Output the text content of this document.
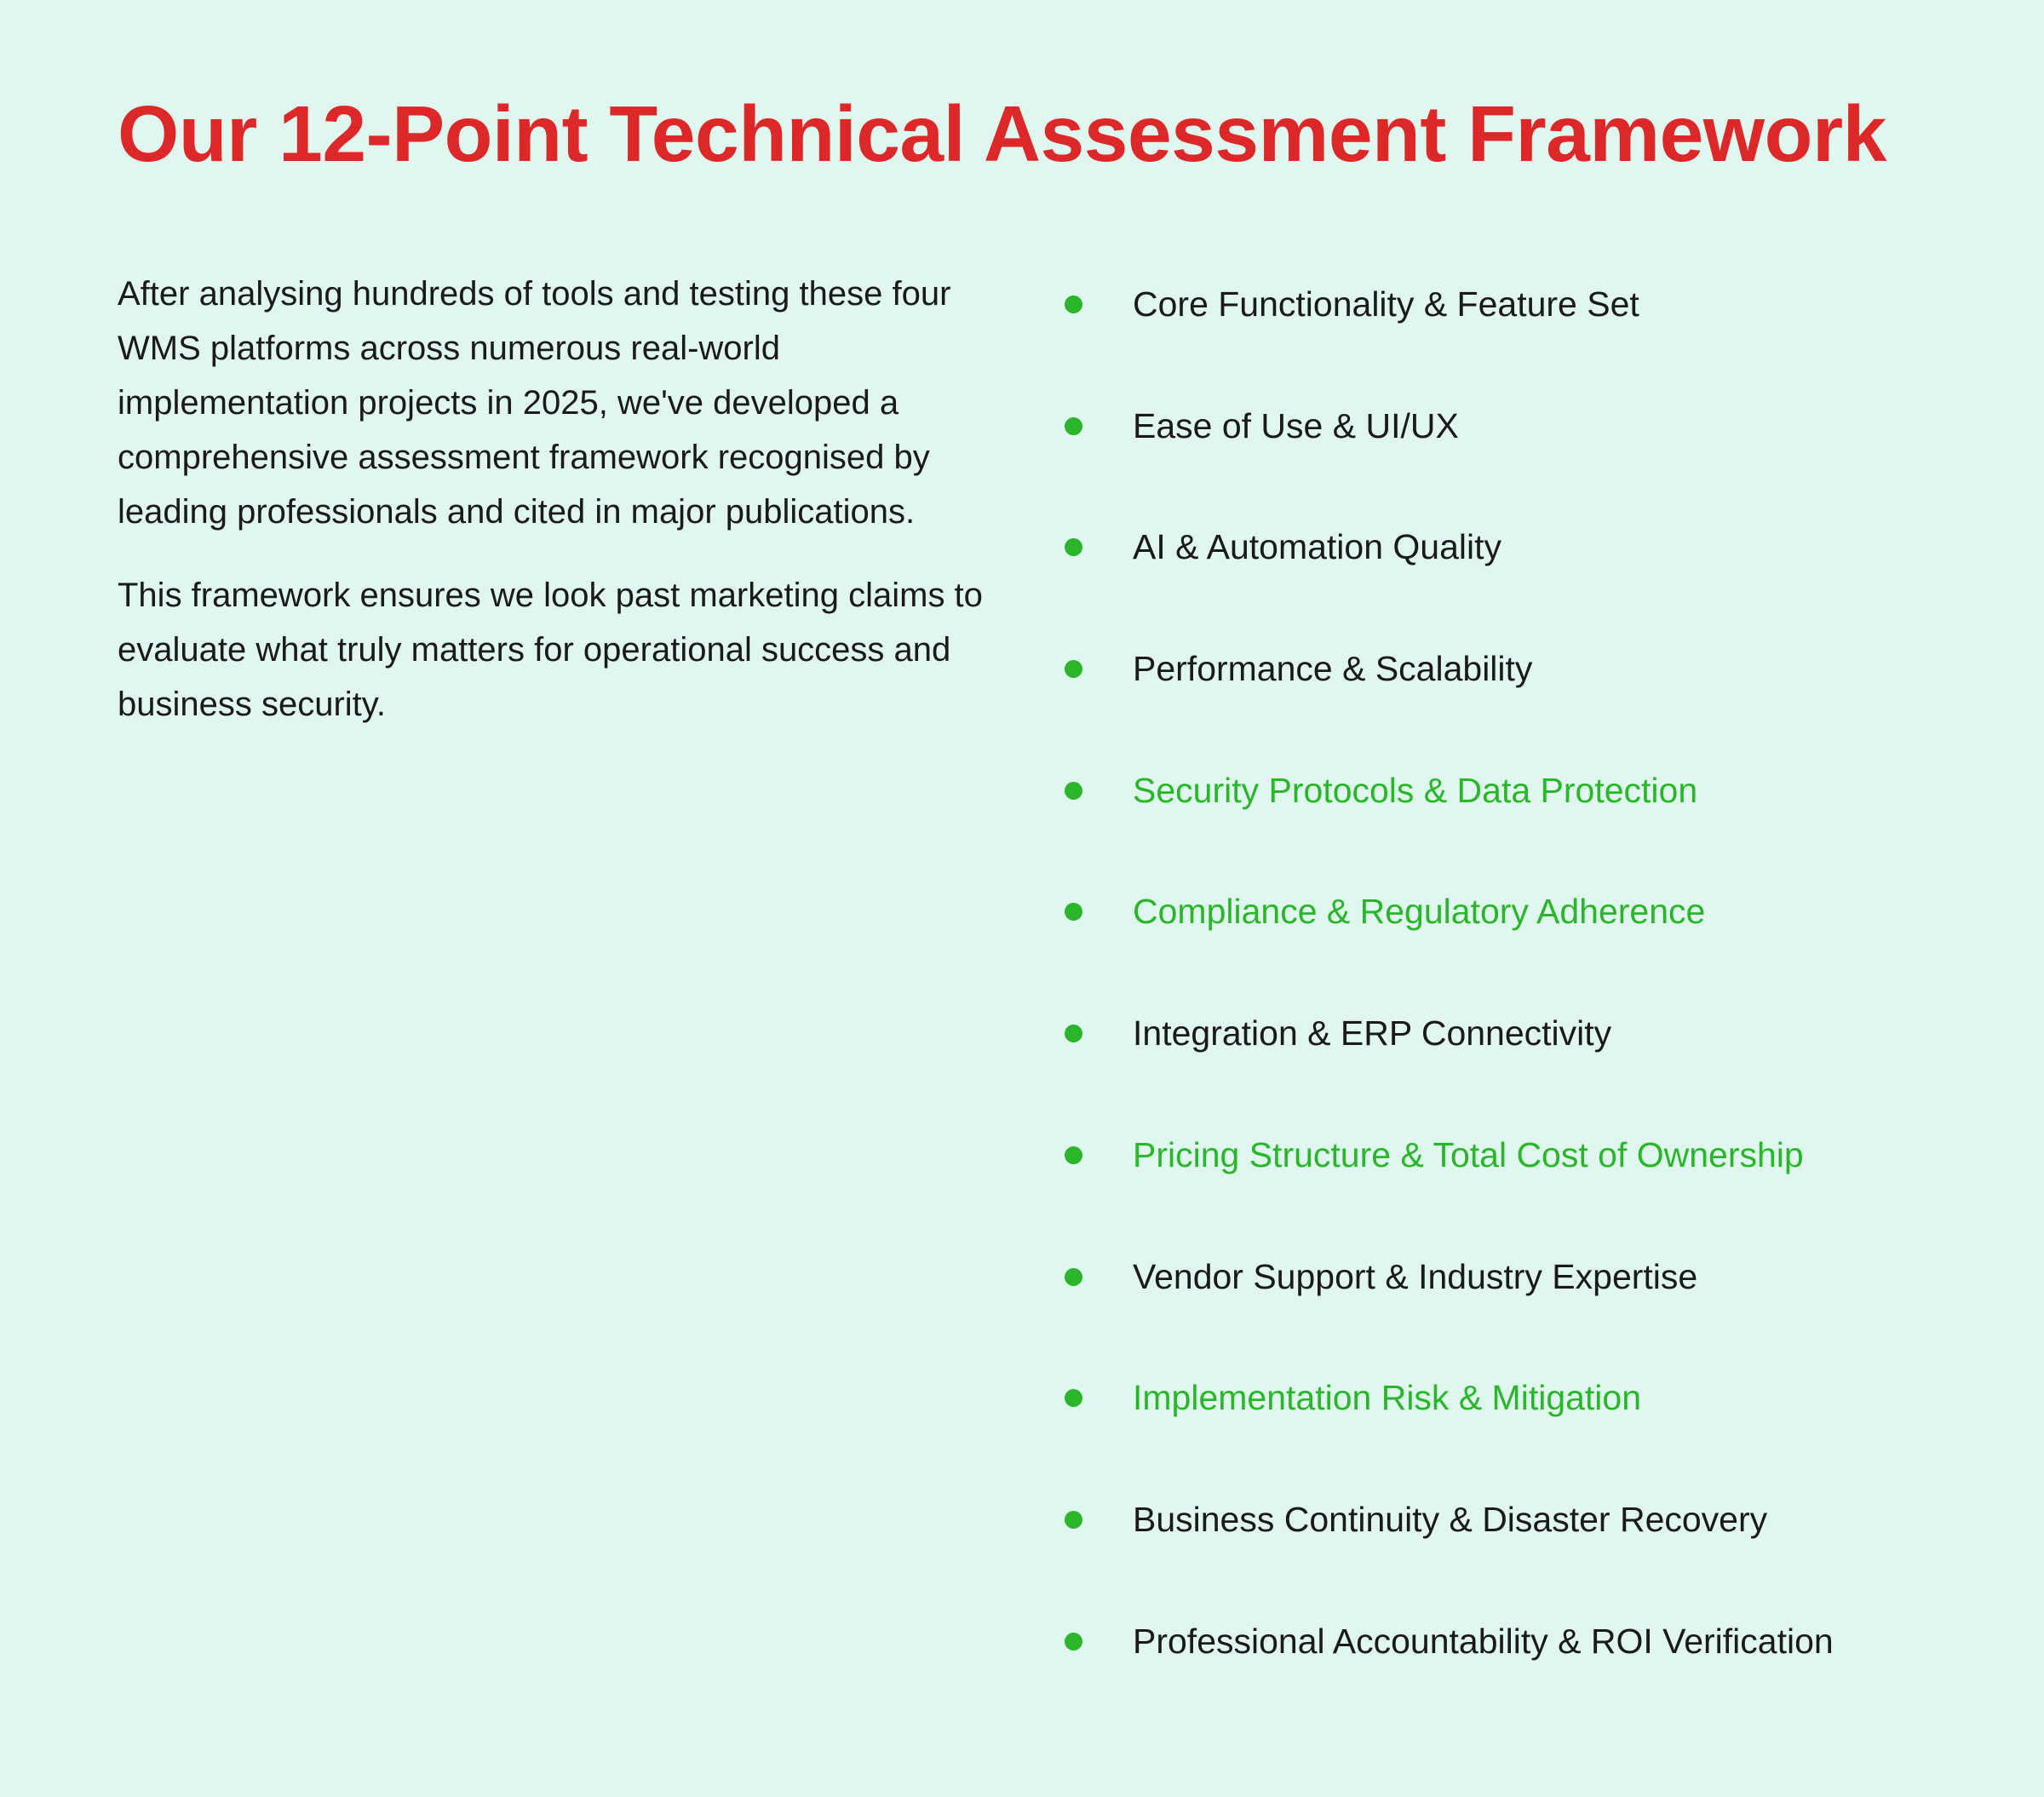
Our 12-Point Technical Assessment Framework

After analysing hundreds of tools and testing these four WMS platforms across numerous real-world implementation projects in 2025, we've developed a comprehensive assessment framework recognised by leading professionals and cited in major publications.

This framework ensures we look past marketing claims to evaluate what truly matters for operational success and business security.

Core Functionality & Feature Set
Ease of Use & UI/UX
AI & Automation Quality
Performance & Scalability
Security Protocols & Data Protection
Compliance & Regulatory Adherence
Integration & ERP Connectivity
Pricing Structure & Total Cost of Ownership
Vendor Support & Industry Expertise
Implementation Risk & Mitigation
Business Continuity & Disaster Recovery
Professional Accountability & ROI Verification
